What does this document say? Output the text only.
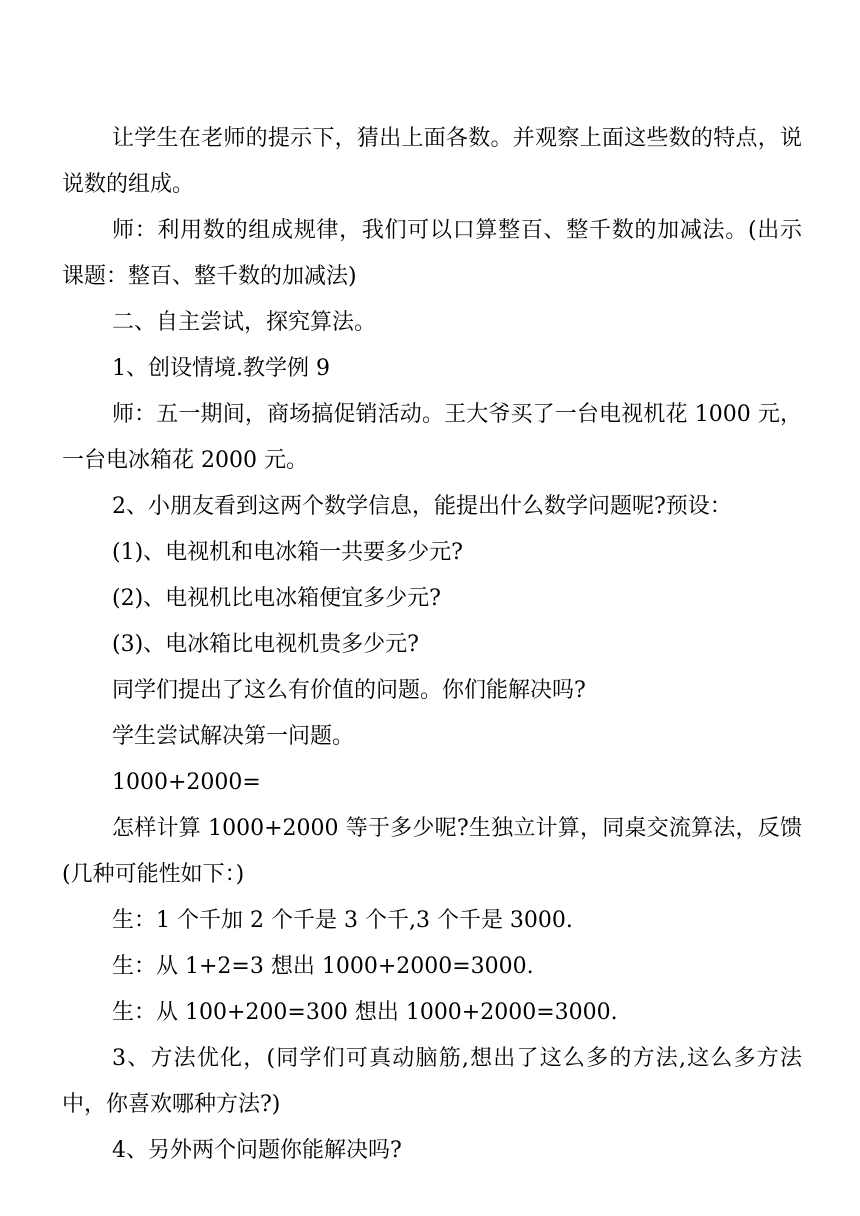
让学生在老师的提示下，猜出上面各数。并观察上面这些数的特点，说说数的组成。

师：利用数的组成规律，我们可以口算整百、整千数的加减法。(出示课题：整百、整千数的加减法)

二、自主尝试，探究算法。

1、创设情境.教学例 9

师：五一期间，商场搞促销活动。王大爷买了一台电视机花 1000 元，一台电冰箱花 2000 元。

2、小朋友看到这两个数学信息，能提出什么数学问题呢?预设：

(1)、电视机和电冰箱一共要多少元?

(2)、电视机比电冰箱便宜多少元?

(3)、电冰箱比电视机贵多少元?

同学们提出了这么有价值的问题。你们能解决吗?

学生尝试解决第一问题。

1000+2000=

怎样计算 1000+2000 等于多少呢?生独立计算，同桌交流算法，反馈(几种可能性如下：)

生：1 个千加 2 个千是 3 个千,3 个千是 3000.

生：从 1+2=3 想出 1000+2000=3000.

生：从 100+200=300 想出 1000+2000=3000.

3、方法优化，(同学们可真动脑筋,想出了这么多的方法,这么多方法中，你喜欢哪种方法?)

4、另外两个问题你能解决吗?
